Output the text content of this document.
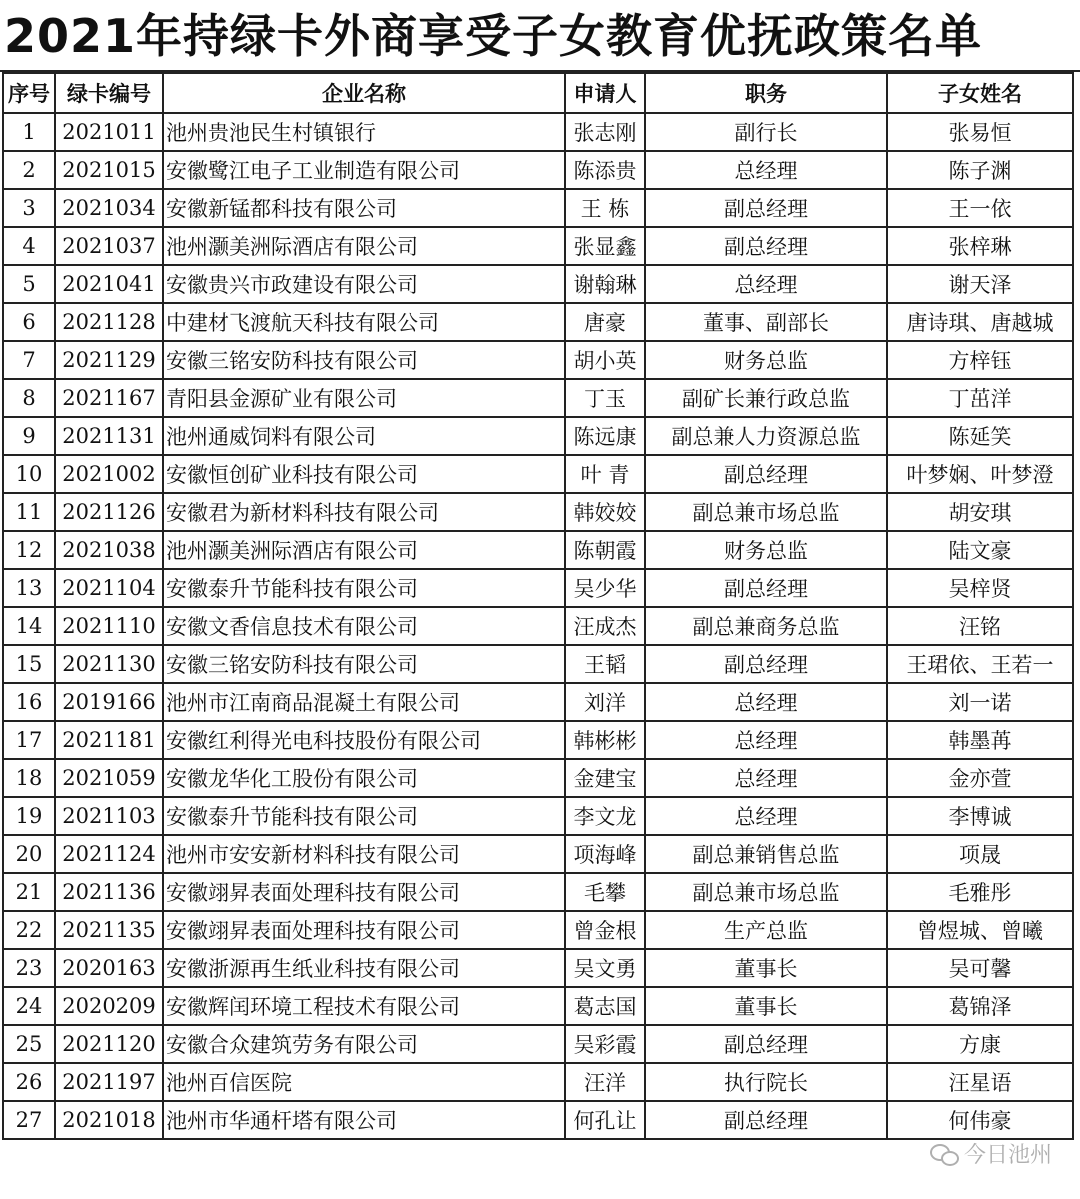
2021年持绿卡外商享受子女教育优抚政策名单
序号	绿卡编号	企业名称	申请人	职务	子女姓名
1	2021011	池州贵池民生村镇银行	张志刚	副行长	张易恒
2	2021015	安徽鹭江电子工业制造有限公司	陈添贵	总经理	陈子渊
3	2021034	安徽新锰都科技有限公司	王 栋	副总经理	王一依
4	2021037	池州灏美洲际酒店有限公司	张显鑫	副总经理	张梓琳
5	2021041	安徽贵兴市政建设有限公司	谢翰琳	总经理	谢天泽
6	2021128	中建材飞渡航天科技有限公司	唐豪	董事、副部长	唐诗琪、唐越城
7	2021129	安徽三铭安防科技有限公司	胡小英	财务总监	方梓钰
8	2021167	青阳县金源矿业有限公司	丁玉	副矿长兼行政总监	丁茁洋
9	2021131	池州通威饲料有限公司	陈远康	副总兼人力资源总监	陈延笑
10	2021002	安徽恒创矿业科技有限公司	叶 青	副总经理	叶梦娴、叶梦澄
11	2021126	安徽君为新材料科技有限公司	韩姣姣	副总兼市场总监	胡安琪
12	2021038	池州灏美洲际酒店有限公司	陈朝霞	财务总监	陆文豪
13	2021104	安徽泰升节能科技有限公司	吴少华	副总经理	吴梓贤
14	2021110	安徽文香信息技术有限公司	汪成杰	副总兼商务总监	汪铭
15	2021130	安徽三铭安防科技有限公司	王韬	副总经理	王珺依、王若一
16	2019166	池州市江南商品混凝土有限公司	刘洋	总经理	刘一诺
17	2021181	安徽红利得光电科技股份有限公司	韩彬彬	总经理	韩墨苒
18	2021059	安徽龙华化工股份有限公司	金建宝	总经理	金亦萱
19	2021103	安徽泰升节能科技有限公司	李文龙	总经理	李博诚
20	2021124	池州市安安新材料科技有限公司	项海峰	副总兼销售总监	项晟
21	2021136	安徽翊昇表面处理科技有限公司	毛攀	副总兼市场总监	毛雅彤
22	2021135	安徽翊昇表面处理科技有限公司	曾金根	生产总监	曾煜城、曾曦
23	2020163	安徽浙源再生纸业科技有限公司	吴文勇	董事长	吴可馨
24	2020209	安徽辉闰环境工程技术有限公司	葛志国	董事长	葛锦泽
25	2021120	安徽合众建筑劳务有限公司	吴彩霞	副总经理	方康
26	2021197	池州百信医院	汪洋	执行院长	汪星语
27	2021018	池州市华通杆塔有限公司	何孔让	副总经理	何伟豪
今日池州
